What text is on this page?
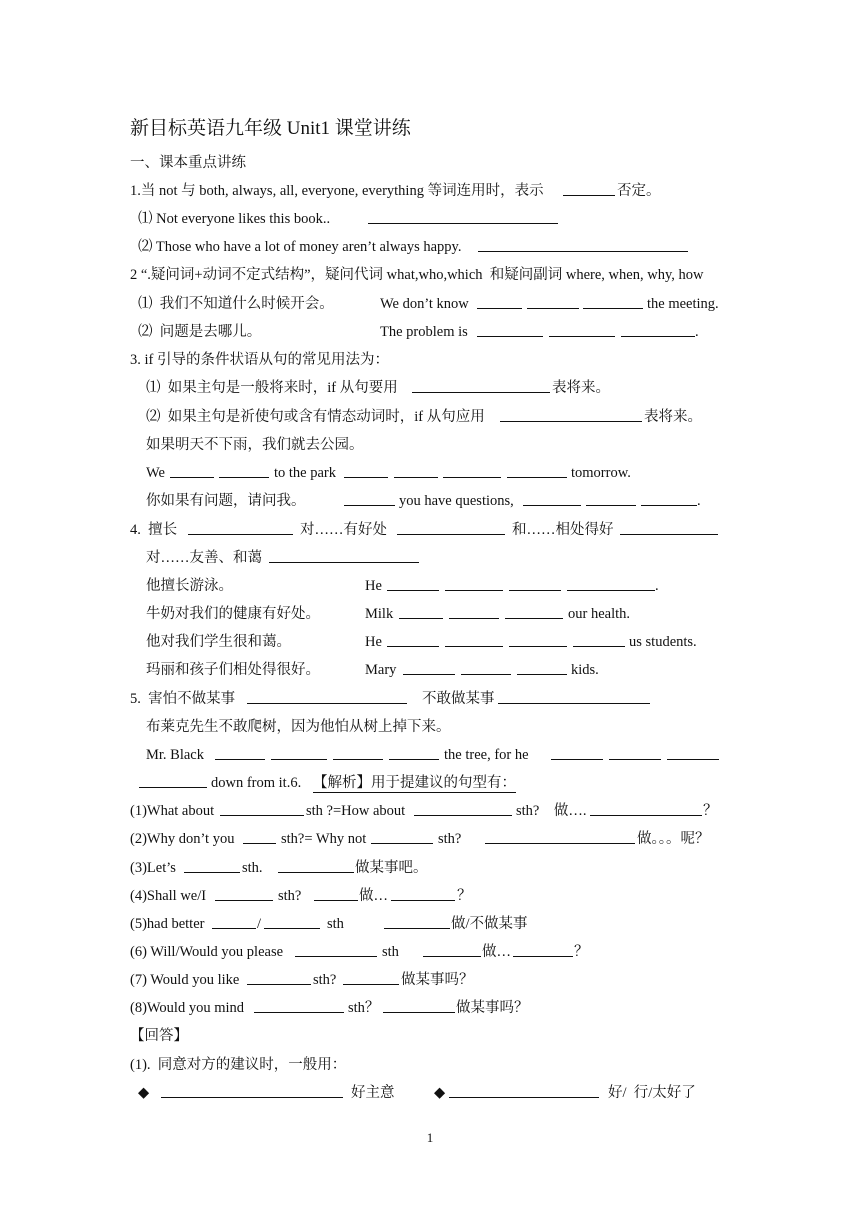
新目标英语九年级 Unit1 课堂讲练
一、课本重点讲练
1.当 not 与 both, always, all, everyone, everything 等词连用时，表示	否定。
⑴ Not everyone likes this book..
⑵ Those who have a lot of money aren’t always happy.
2 “.疑问词+动词不定式结构”，疑问代词 what,who,which  和疑问副词 where, when, why, how
⑴  我们不知道什么时候开会。	We don’t know	the meeting.
⑵  问题是去哪儿。	The problem is	.
3. if 引导的条件状语从句的常见用法为：
⑴  如果主句是一般将来时，if 从句要用	表将来。
⑵  如果主句是祈使句或含有情态动词时，if 从句应用	表将来。
如果明天不下雨，我们就去公园。
We	to the park	tomorrow.
你如果有问题，请问我。	you have questions,	.
4.  擅长	对……有好处	和……相处得好
对……友善、和蔼
他擅长游泳。	He	.
牛奶对我们的健康有好处。	Milk	our health.
他对我们学生很和蔼。	He	us students.
玛丽和孩子们相处得很好。	Mary	kids.
5.  害怕不做某事	不敢做某事
布莱克先生不敢爬树，因为他怕从树上掉下来。
Mr. Black	the tree, for he
down from it.6. 【解析】用于提建议的句型有：
(1)What about	sth ?=How about	sth?    做….	？
(2)Why don’t you	sth?= Why not	sth?	做。。。呢？
(3)Let’s	sth.	做某事吧。
(4)Shall we/I	sth?	做…	？
(5)had better	/	sth	做/不做某事
(6) Will/Would you please	sth	做…	？
(7) Would you like	sth?	做某事吗？
(8)Would you mind	sth？	做某事吗？
【回答】
(1).  同意对方的建议时，一般用：
◆	好主意	◆	好/  行/太好了
1
